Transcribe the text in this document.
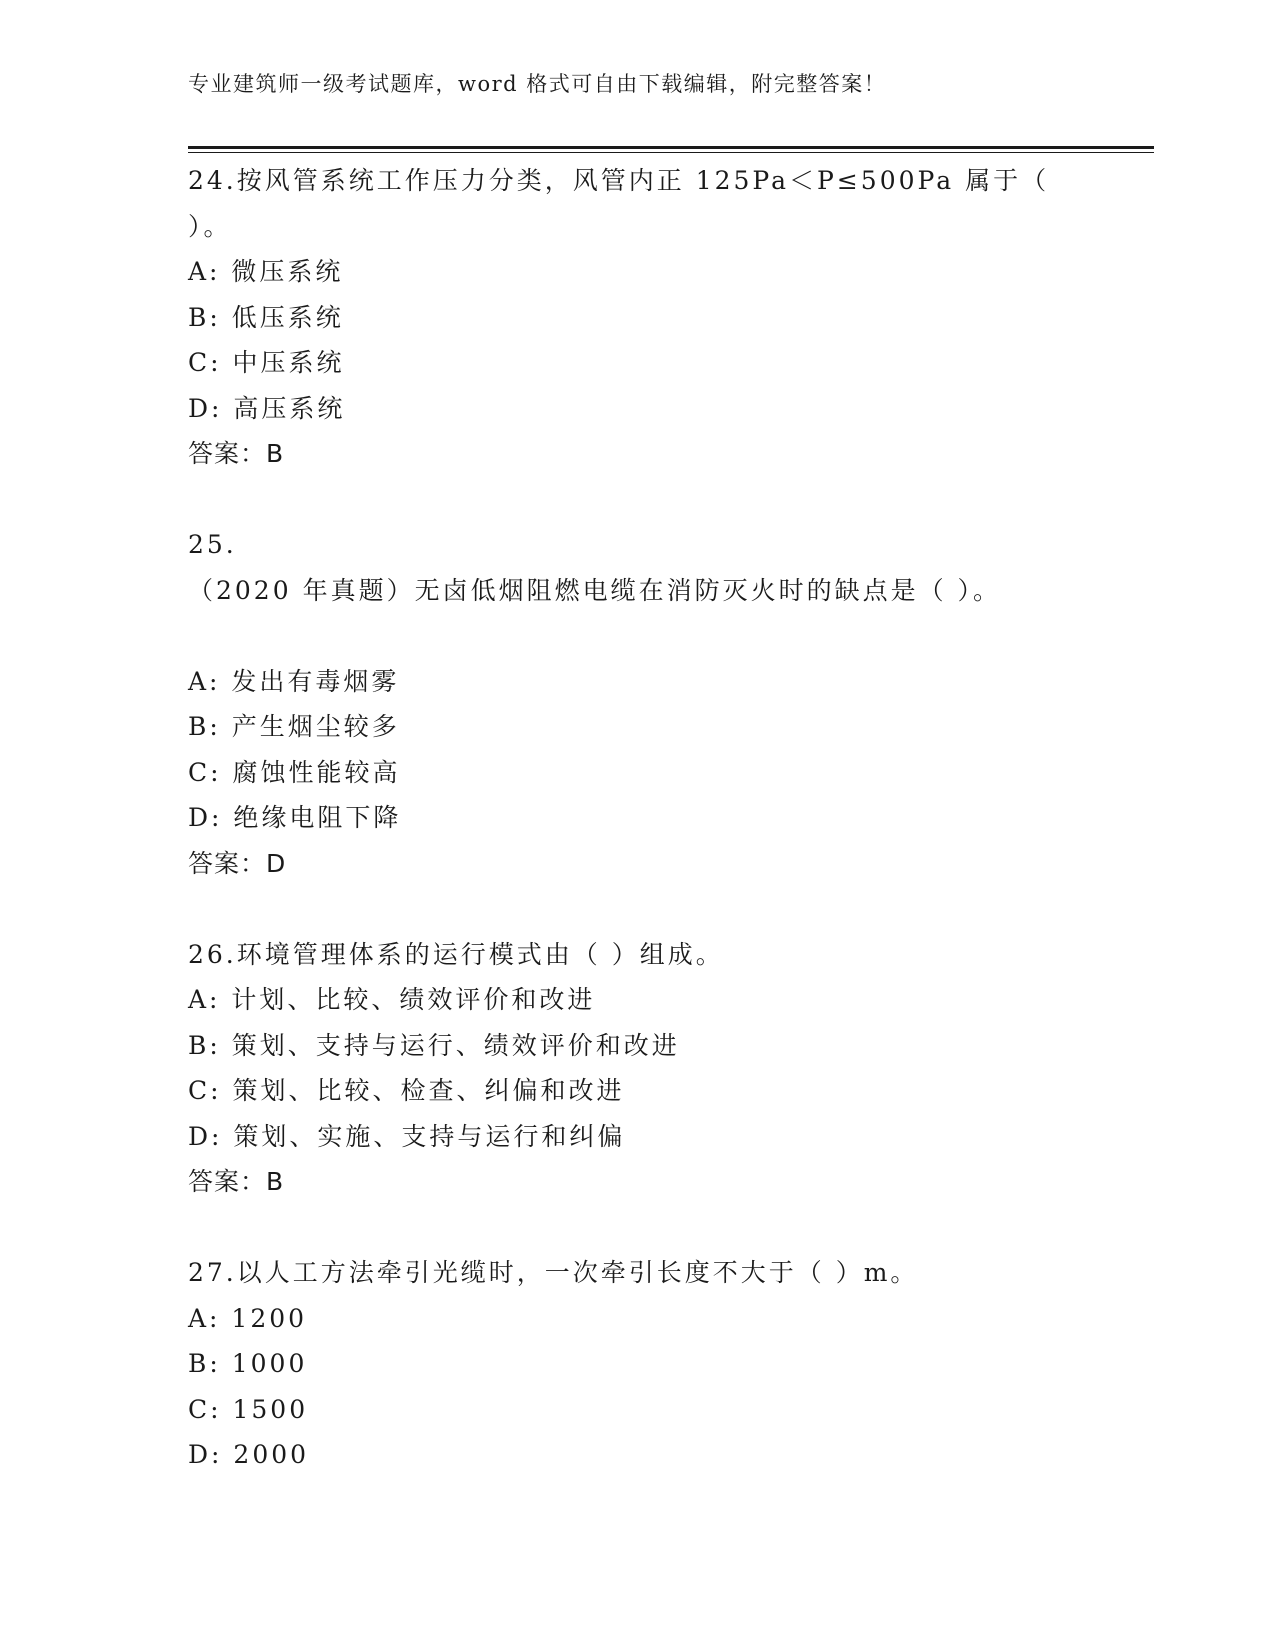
专业建筑师一级考试题库，word 格式可自由下载编辑，附完整答案！
24.按风管系统工作压力分类，风管内正 125Pa＜P≤500Pa 属于（
）。
A: 微压系统
B: 低压系统
C: 中压系统
D: 高压系统
答案：B
25.
（2020 年真题）无卤低烟阻燃电缆在消防灭火时的缺点是（ ）。
A: 发出有毒烟雾
B: 产生烟尘较多
C: 腐蚀性能较高
D: 绝缘电阻下降
答案：D
26.环境管理体系的运行模式由（ ）组成。
A: 计划、比较、绩效评价和改进
B: 策划、支持与运行、绩效评价和改进
C: 策划、比较、检查、纠偏和改进
D: 策划、实施、支持与运行和纠偏
答案：B
27.以人工方法牵引光缆时，一次牵引长度不大于（ ）m。
A: 1200
B: 1000
C: 1500
D: 2000
